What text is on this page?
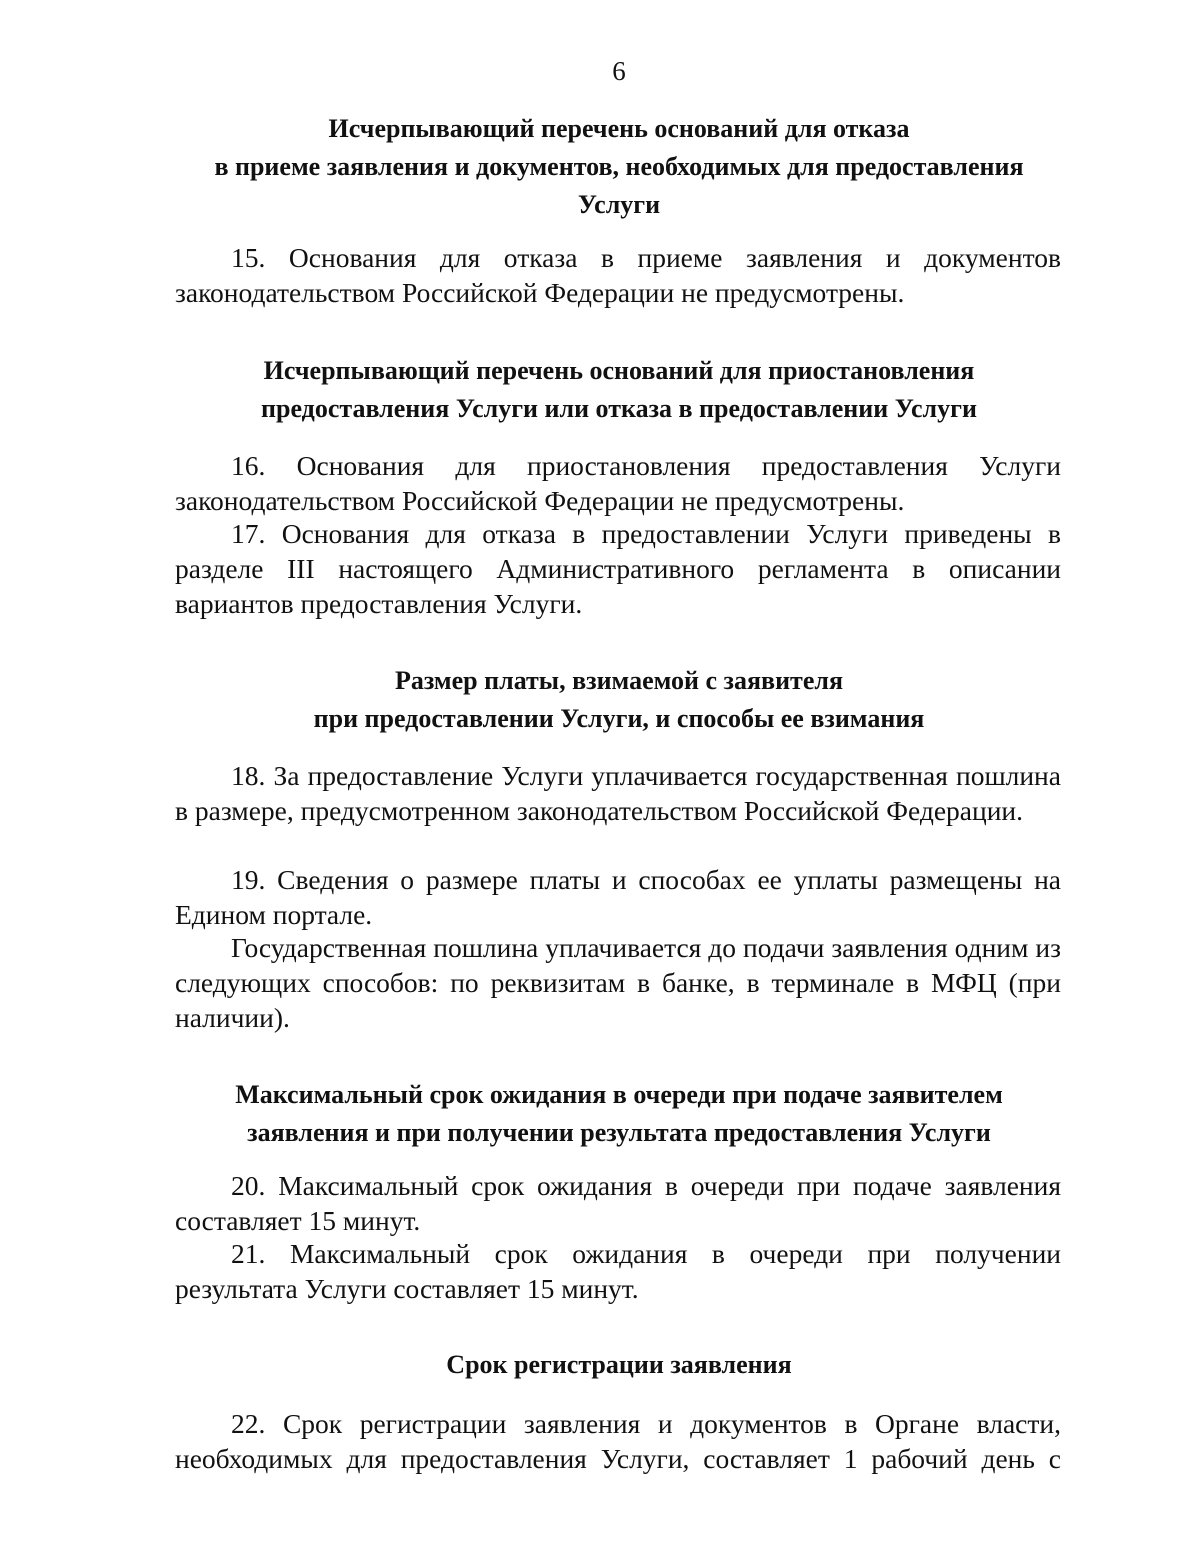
6
Исчерпывающий перечень оснований для отказа
в приеме заявления и документов, необходимых для предоставления
Услуги

15. Основания для отказа в приеме заявления и документов законодательством Российской Федерации не предусмотрены.

Исчерпывающий перечень оснований для приостановления
предоставления Услуги или отказа в предоставлении Услуги

16. Основания для приостановления предоставления Услуги законодательством Российской Федерации не предусмотрены.

17. Основания для отказа в предоставлении Услуги приведены в разделе III настоящего Административного регламента в описании вариантов предоставления Услуги.

Размер платы, взимаемой с заявителя
при предоставлении Услуги, и способы ее взимания

18. За предоставление Услуги уплачивается государственная пошлина в размере, предусмотренном законодательством Российской Федерации.

19. Сведения о размере платы и способах ее уплаты размещены на Едином портале.

Государственная пошлина уплачивается до подачи заявления одним из следующих способов: по реквизитам в банке, в терминале в МФЦ (при наличии).

Максимальный срок ожидания в очереди при подаче заявителем
заявления и при получении результата предоставления Услуги

20. Максимальный срок ожидания в очереди при подаче заявления составляет 15 минут.

21. Максимальный срок ожидания в очереди при получении результата Услуги составляет 15 минут.

Срок регистрации заявления

22. Срок регистрации заявления и документов в Органе власти, необходимых для предоставления Услуги, составляет 1 рабочий день с
